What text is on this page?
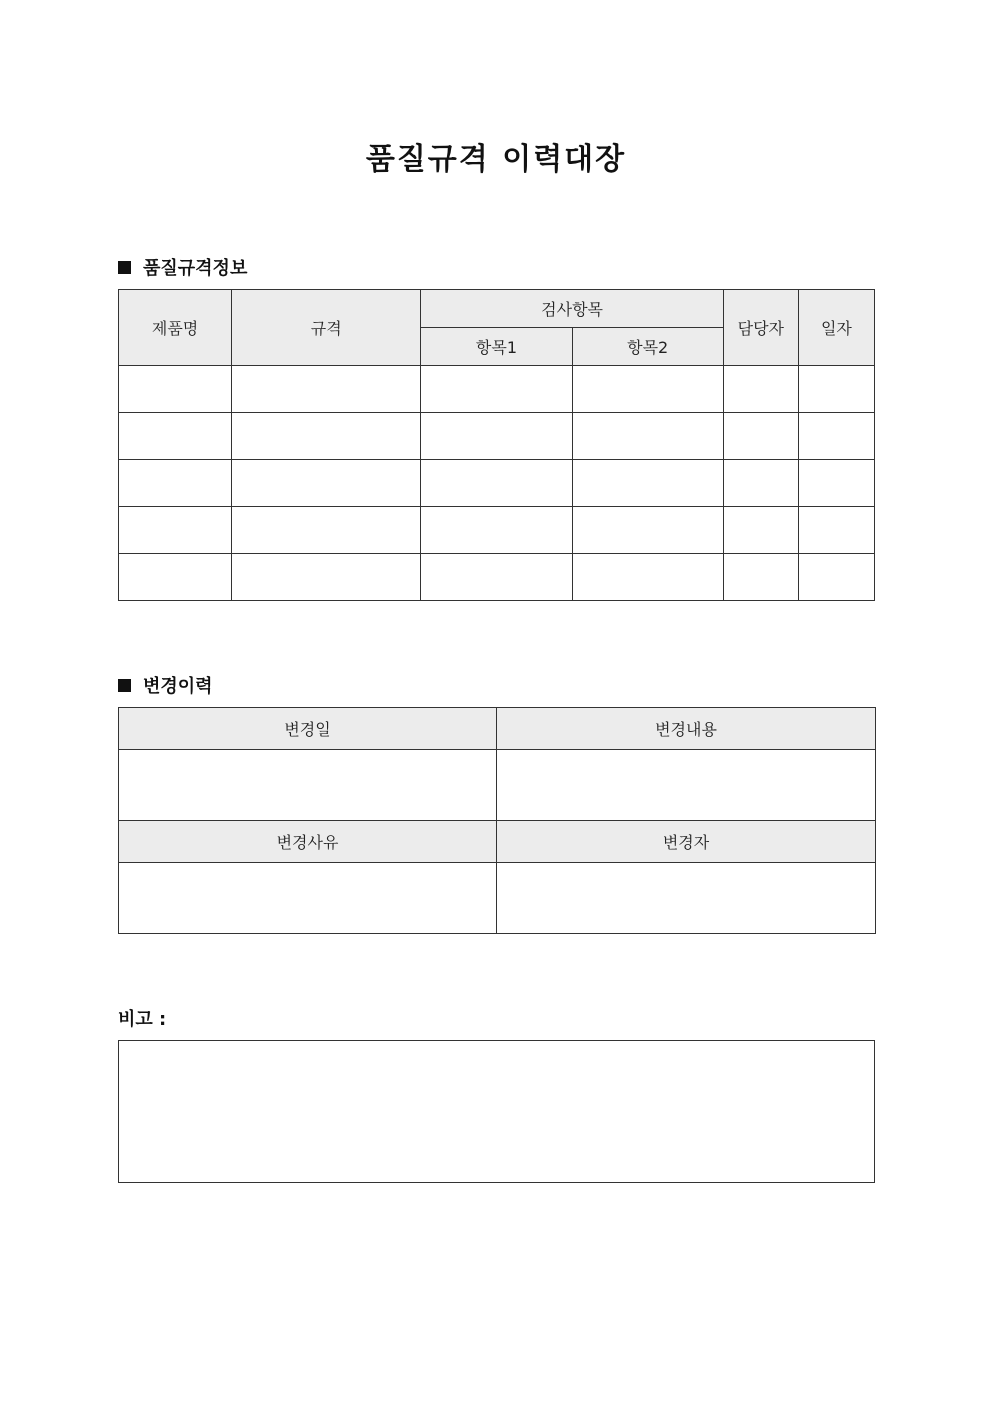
품질규격 이력대장
품질규격정보
제품명	규격	검사항목		담당자	일자
		항목1	항목2		

변경이력
변경일	변경내용

변경사유	변경자

비고 :
